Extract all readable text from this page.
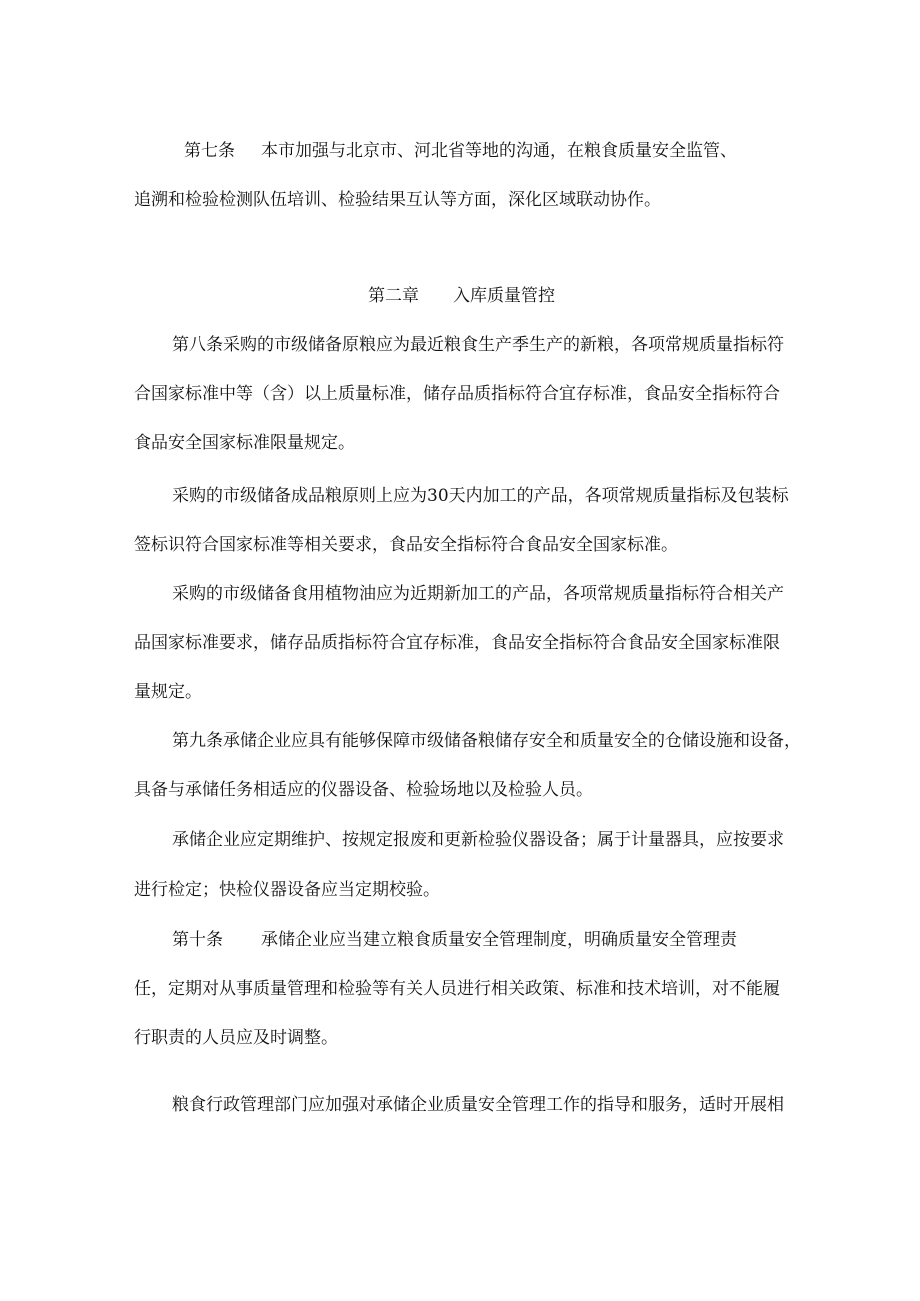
第七条 本市加强与北京市、河北省等地的沟通，在粮食质量安全监管、
追溯和检验检测队伍培训、检验结果互认等方面，深化区域联动协作。
第二章 入库质量管控
第八条采购的市级储备原粮应为最近粮食生产季生产的新粮，各项常规质量指标符
合国家标准中等（含）以上质量标准，储存品质指标符合宜存标准，食品安全指标符合
食品安全国家标准限量规定。
采购的市级储备成品粮原则上应为30天内加工的产品，各项常规质量指标及包装标
签标识符合国家标准等相关要求，食品安全指标符合食品安全国家标准。
采购的市级储备食用植物油应为近期新加工的产品，各项常规质量指标符合相关产
品国家标准要求，储存品质指标符合宜存标准，食品安全指标符合食品安全国家标准限
量规定。
第九条承储企业应具有能够保障市级储备粮储存安全和质量安全的仓储设施和设备，
具备与承储任务相适应的仪器设备、检验场地以及检验人员。
承储企业应定期维护、按规定报废和更新检验仪器设备；属于计量器具，应按要求
进行检定；快检仪器设备应当定期校验。
第十条 承储企业应当建立粮食质量安全管理制度，明确质量安全管理责
任，定期对从事质量管理和检验等有关人员进行相关政策、标准和技术培训，对不能履
行职责的人员应及时调整。
粮食行政管理部门应加强对承储企业质量安全管理工作的指导和服务，适时开展相
